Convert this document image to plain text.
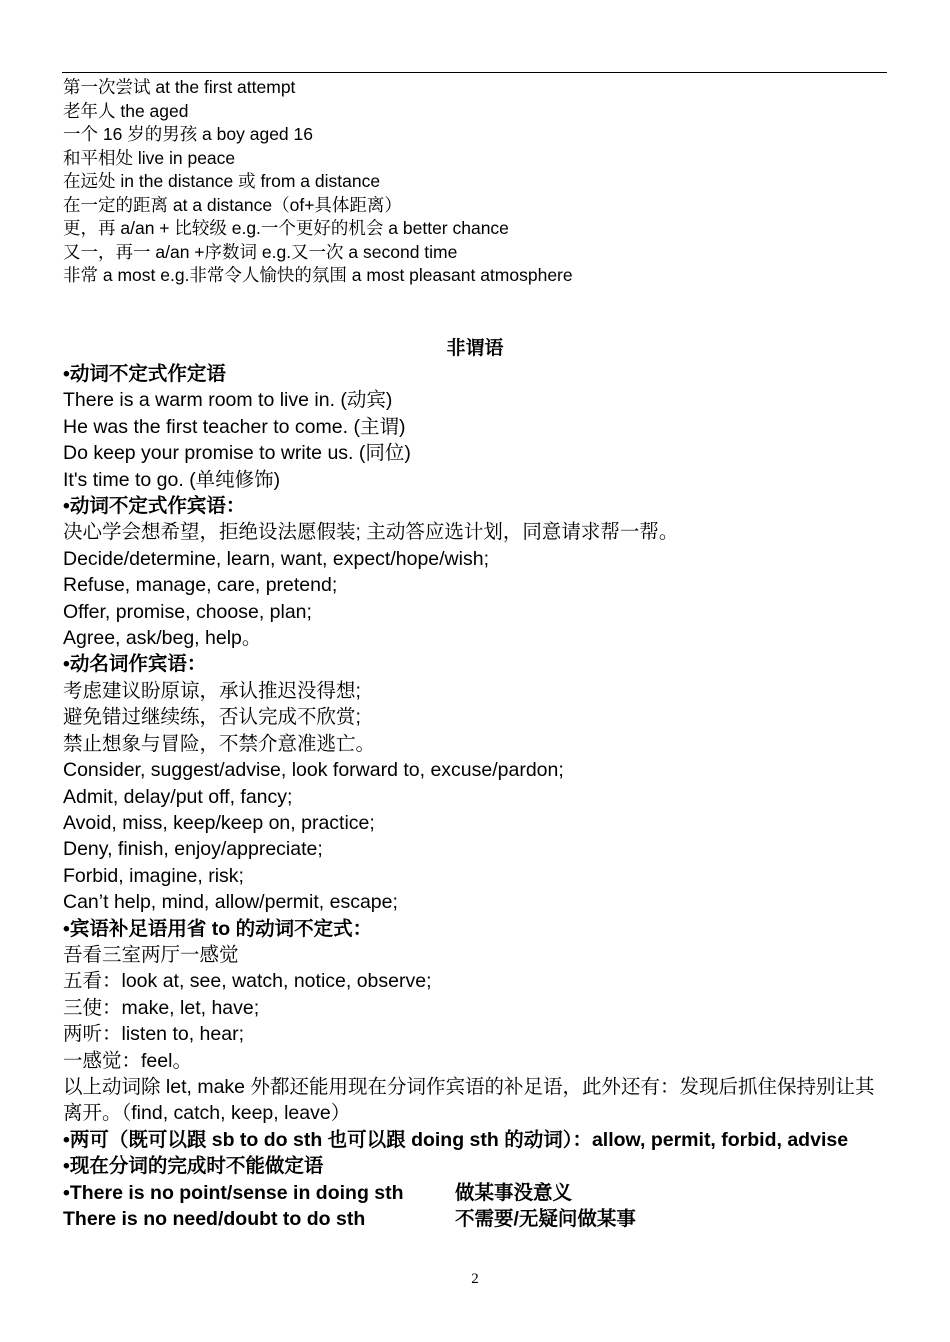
第一次尝试 at the first attempt
老年人 the aged
一个 16 岁的男孩 a boy aged 16
和平相处 live in peace
在远处 in the distance 或 from a distance
在一定的距离 at a distance（of+具体距离）
更，再 a/an + 比较级 e.g.一个更好的机会 a better chance
又一，再一 a/an +序数词 e.g.又一次 a second time
非常 a most e.g.非常令人愉快的氛围 a most pleasant atmosphere
非谓语
•动词不定式作定语
There is a warm room to live in. (动宾)
He was the first teacher to come. (主谓)
Do keep your promise to write us. (同位)
It's time to go. (单纯修饰)
•动词不定式作宾语：
决心学会想希望，拒绝设法愿假装; 主动答应选计划，同意请求帮一帮。
Decide/determine, learn, want, expect/hope/wish;
Refuse, manage, care, pretend;
Offer, promise, choose, plan;
Agree, ask/beg, help。
•动名词作宾语：
考虑建议盼原谅，承认推迟没得想;
避免错过继续练，否认完成不欣赏;
禁止想象与冒险，不禁介意准逃亡。
Consider, suggest/advise, look forward to, excuse/pardon;
Admit, delay/put off, fancy;
Avoid, miss, keep/keep on, practice;
Deny, finish, enjoy/appreciate;
Forbid, imagine, risk;
Can’t help, mind, allow/permit, escape;
•宾语补足语用省 to 的动词不定式：
吾看三室两厅一感觉
五看：look at, see, watch, notice, observe;
三使：make, let, have;
两听：listen to, hear;
一感觉：feel。
以上动词除 let, make 外都还能用现在分词作宾语的补足语，此外还有：发现后抓住保持别让其离开。（find, catch, keep, leave）
•两可（既可以跟 sb to do sth 也可以跟 doing sth 的动词）：allow, permit, forbid, advise
•现在分词的完成时不能做定语
•There is no point/sense in doing sth	做某事没意义
There is no need/doubt to do sth	不需要/无疑问做某事
2
